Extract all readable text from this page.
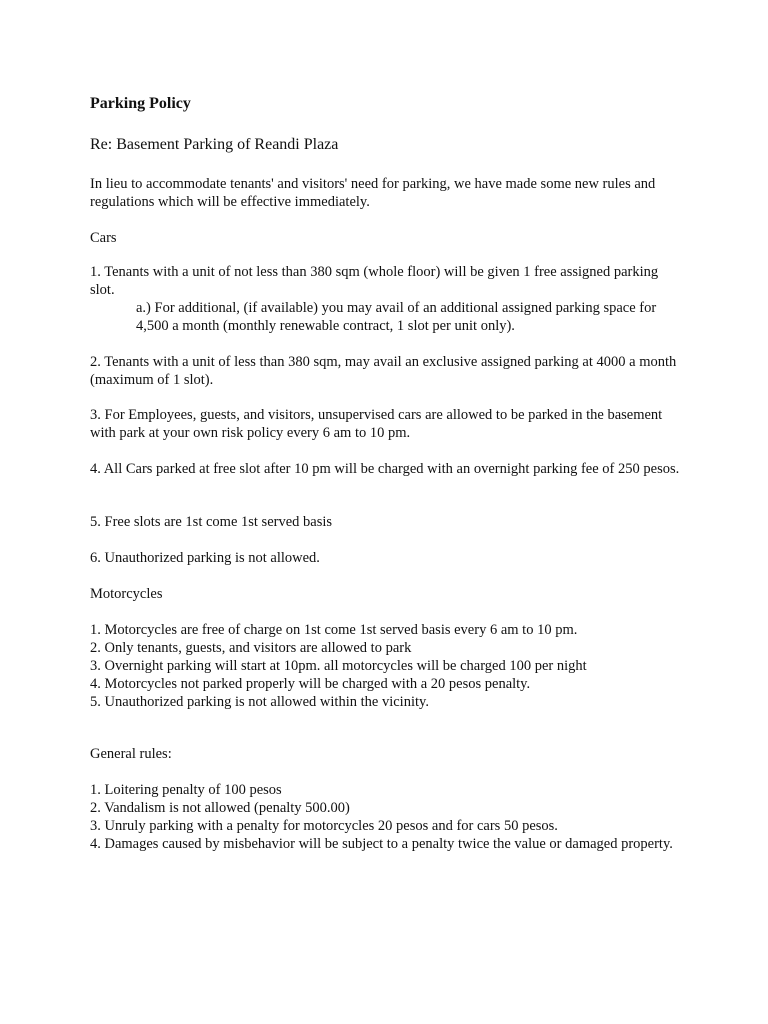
Parking Policy

Re: Basement Parking of Reandi Plaza

In lieu to accommodate tenants' and visitors' need for parking, we have made some new rules and regulations which will be effective immediately.

Cars

1. Tenants with a unit of not less than 380 sqm (whole floor) will be given 1 free assigned parking slot.

a.) For additional, (if available) you may avail of an additional assigned parking space for 4,500 a month (monthly renewable contract, 1 slot per unit only).

2. Tenants with a unit of less than 380 sqm, may avail an exclusive assigned parking at 4000 a month (maximum of 1 slot).

3. For Employees, guests, and visitors, unsupervised cars are allowed to be parked in the basement with park at your own risk policy every 6 am to 10 pm.

4. All Cars parked at free slot after 10 pm will be charged with an overnight parking fee of 250 pesos.

5. Free slots are 1st come 1st served basis

6. Unauthorized parking is not allowed.

Motorcycles

1. Motorcycles are free of charge on 1st come 1st served basis every 6 am to 10 pm.

2. Only tenants, guests, and visitors are allowed to park

3. Overnight parking will start at 10pm. all motorcycles will be charged 100 per night

4. Motorcycles not parked properly will be charged with a 20 pesos penalty.

5. Unauthorized parking is not allowed within the vicinity.

General rules:

1. Loitering penalty of 100 pesos

2. Vandalism is not allowed (penalty 500.00)

3. Unruly parking with a penalty for motorcycles 20 pesos and for cars 50 pesos.

4. Damages caused by misbehavior will be subject to a penalty twice the value or damaged property.
